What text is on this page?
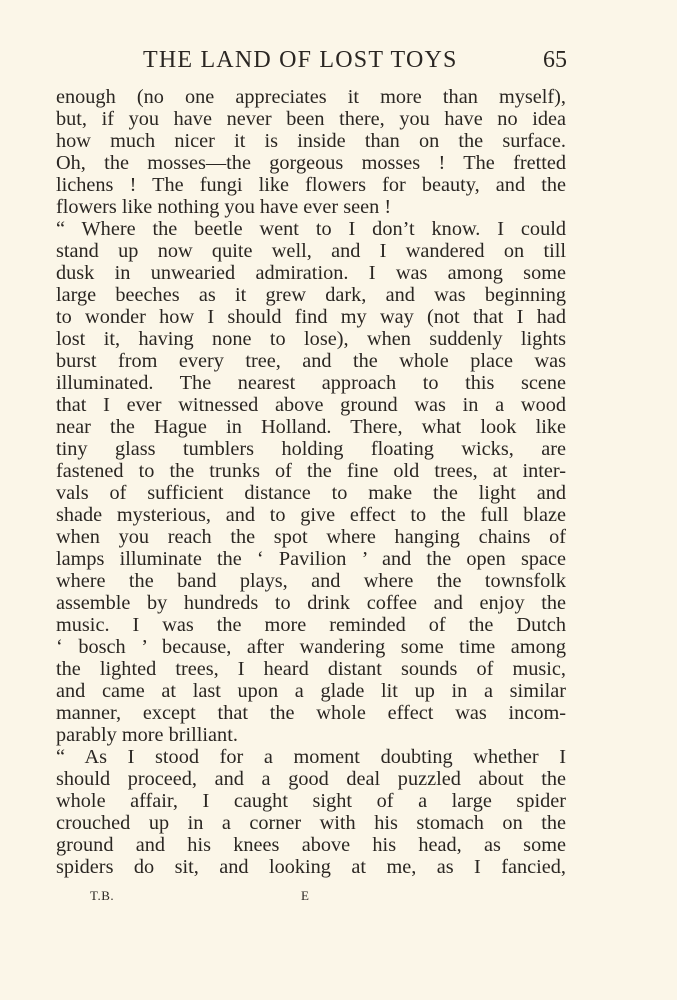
THE LAND OF LOST TOYS	65
enough (no one appreciates it more than myself),
but, if you have never been there, you have no idea
how much nicer it is inside than on the surface.
Oh, the mosses—the gorgeous mosses ! The fretted
lichens ! The fungi like flowers for beauty, and the
flowers like nothing you have ever seen !
“ Where the beetle went to I don’t know. I could
stand up now quite well, and I wandered on till
dusk in unwearied admiration. I was among some
large beeches as it grew dark, and was beginning
to wonder how I should find my way (not that I had
lost it, having none to lose), when suddenly lights
burst from every tree, and the whole place was
illuminated. The nearest approach to this scene
that I ever witnessed above ground was in a wood
near the Hague in Holland. There, what look like
tiny glass tumblers holding floating wicks, are
fastened to the trunks of the fine old trees, at inter-
vals of sufficient distance to make the light and
shade mysterious, and to give effect to the full blaze
when you reach the spot where hanging chains of
lamps illuminate the ‘ Pavilion ’ and the open space
where the band plays, and where the townsfolk
assemble by hundreds to drink coffee and enjoy the
music. I was the more reminded of the Dutch
‘ bosch ’ because, after wandering some time among
the lighted trees, I heard distant sounds of music,
and came at last upon a glade lit up in a similar
manner, except that the whole effect was incom-
parably more brilliant.
“ As I stood for a moment doubting whether I
should proceed, and a good deal puzzled about the
whole affair, I caught sight of a large spider
crouched up in a corner with his stomach on the
ground and his knees above his head, as some
spiders do sit, and looking at me, as I fancied,
T.B.	E
